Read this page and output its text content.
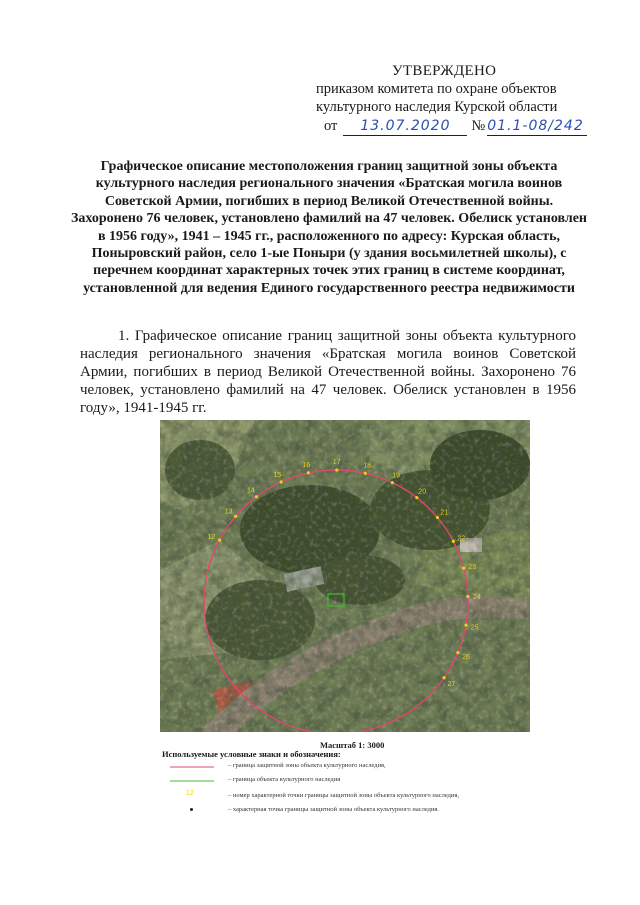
УТВЕРЖДЕНО
приказом комитета по охране объектов
культурного наследия Курской области
от 13.07.2020 № 01.1-08/242
Графическое описание местоположения границ защитной зоны объекта культурного наследия регионального значения «Братская могила воинов Советской Армии, погибших в период Великой Отечественной войны. Захоронено 76 человек, установлено фамилий на 47 человек. Обелиск установлен в 1956 году», 1941 – 1945 гг., расположенного по адресу: Курская область, Поныровский район, село 1-ые Поныри (у здания восьмилетней школы), с перечнем координат характерных точек этих границ в системе координат, установленной для ведения Единого государственного реестра недвижимости
1. Графическое описание границ защитной зоны объекта культурного наследия регионального значения «Братская могила воинов Советской Армии, погибших в период Великой Отечественной войны. Захоронено 76 человек, установлено фамилий на 47 человек. Обелиск установлен в 1956 году», 1941-1945 гг.
12
13
14
15
16	17	18
19
20
21
22
23
24
25
26
27
Масштаб 1: 3000
Используемые условные знаки и обозначения:
– граница защитной зоны объекта культурного наследия,
– граница объекта культурного наследия
12	– номер характерной точки границы защитной зоны объекта культурного наследия,
– характерная точка границы защитной зоны объекта культурного наследия.
